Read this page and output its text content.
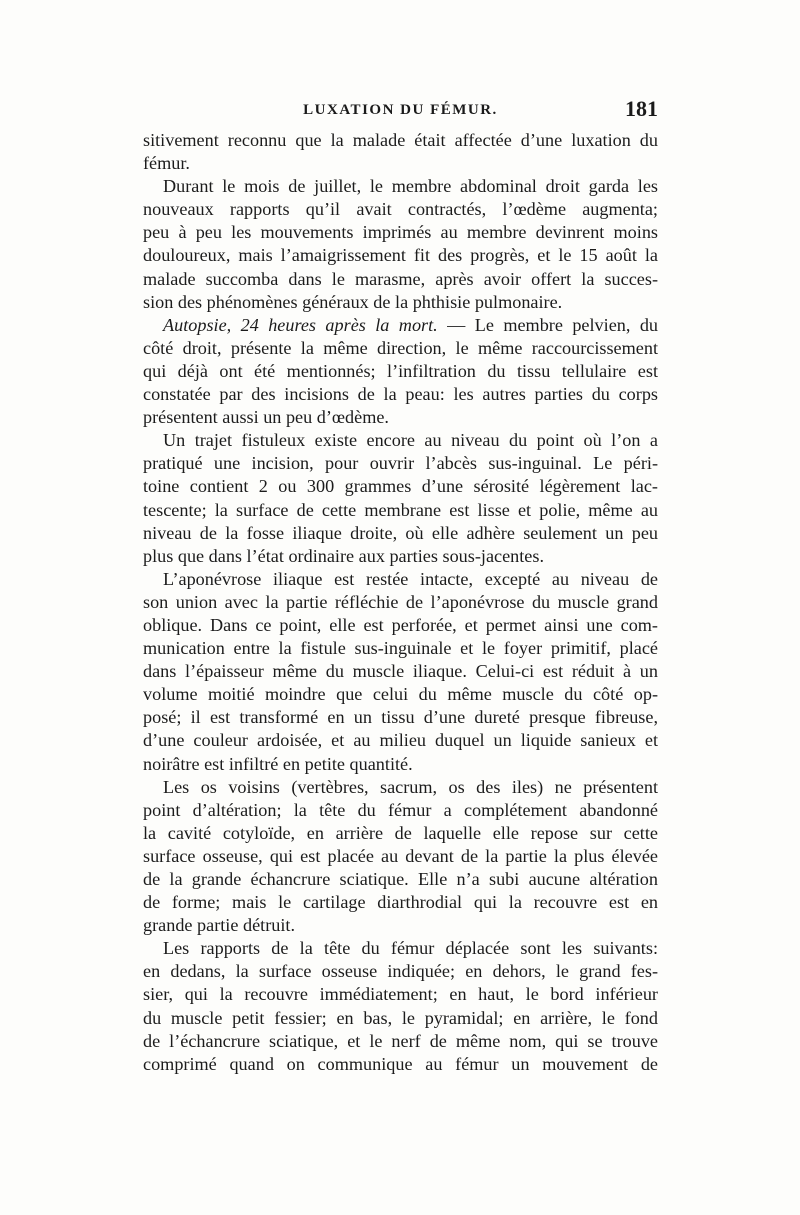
LUXATION DU FÉMUR.	181
sitivement reconnu que la malade était affectée d’une luxation du
fémur.
Durant le mois de juillet, le membre abdominal droit garda les
nouveaux rapports qu’il avait contractés, l’œdème augmenta;
peu à peu les mouvements imprimés au membre devinrent moins
douloureux, mais l’amaigrissement fit des progrès, et le 15 août la
malade succomba dans le marasme, après avoir offert la succes-
sion des phénomènes généraux de la phthisie pulmonaire.
Autopsie, 24 heures après la mort. — Le membre pelvien, du
côté droit, présente la même direction, le même raccourcissement
qui déjà ont été mentionnés; l’infiltration du tissu tellulaire est
constatée par des incisions de la peau: les autres parties du corps
présentent aussi un peu d’œdème.
Un trajet fistuleux existe encore au niveau du point où l’on a
pratiqué une incision, pour ouvrir l’abcès sus-inguinal. Le péri-
toine contient 2 ou 300 grammes d’une sérosité légèrement lac-
tescente; la surface de cette membrane est lisse et polie, même au
niveau de la fosse iliaque droite, où elle adhère seulement un peu
plus que dans l’état ordinaire aux parties sous-jacentes.
L’aponévrose iliaque est restée intacte, excepté au niveau de
son union avec la partie réfléchie de l’aponévrose du muscle grand
oblique. Dans ce point, elle est perforée, et permet ainsi une com-
munication entre la fistule sus-inguinale et le foyer primitif, placé
dans l’épaisseur même du muscle iliaque. Celui-ci est réduit à un
volume moitié moindre que celui du même muscle du côté op-
posé; il est transformé en un tissu d’une dureté presque fibreuse,
d’une couleur ardoisée, et au milieu duquel un liquide sanieux et
noirâtre est infiltré en petite quantité.
Les os voisins (vertèbres, sacrum, os des iles) ne présentent
point d’altération; la tête du fémur a complétement abandonné
la cavité cotyloïde, en arrière de laquelle elle repose sur cette
surface osseuse, qui est placée au devant de la partie la plus élevée
de la grande échancrure sciatique. Elle n’a subi aucune altération
de forme; mais le cartilage diarthrodial qui la recouvre est en
grande partie détruit.
Les rapports de la tête du fémur déplacée sont les suivants:
en dedans, la surface osseuse indiquée; en dehors, le grand fes-
sier, qui la recouvre immédiatement; en haut, le bord inférieur
du muscle petit fessier; en bas, le pyramidal; en arrière, le fond
de l’échancrure sciatique, et le nerf de même nom, qui se trouve
comprimé quand on communique au fémur un mouvement de
